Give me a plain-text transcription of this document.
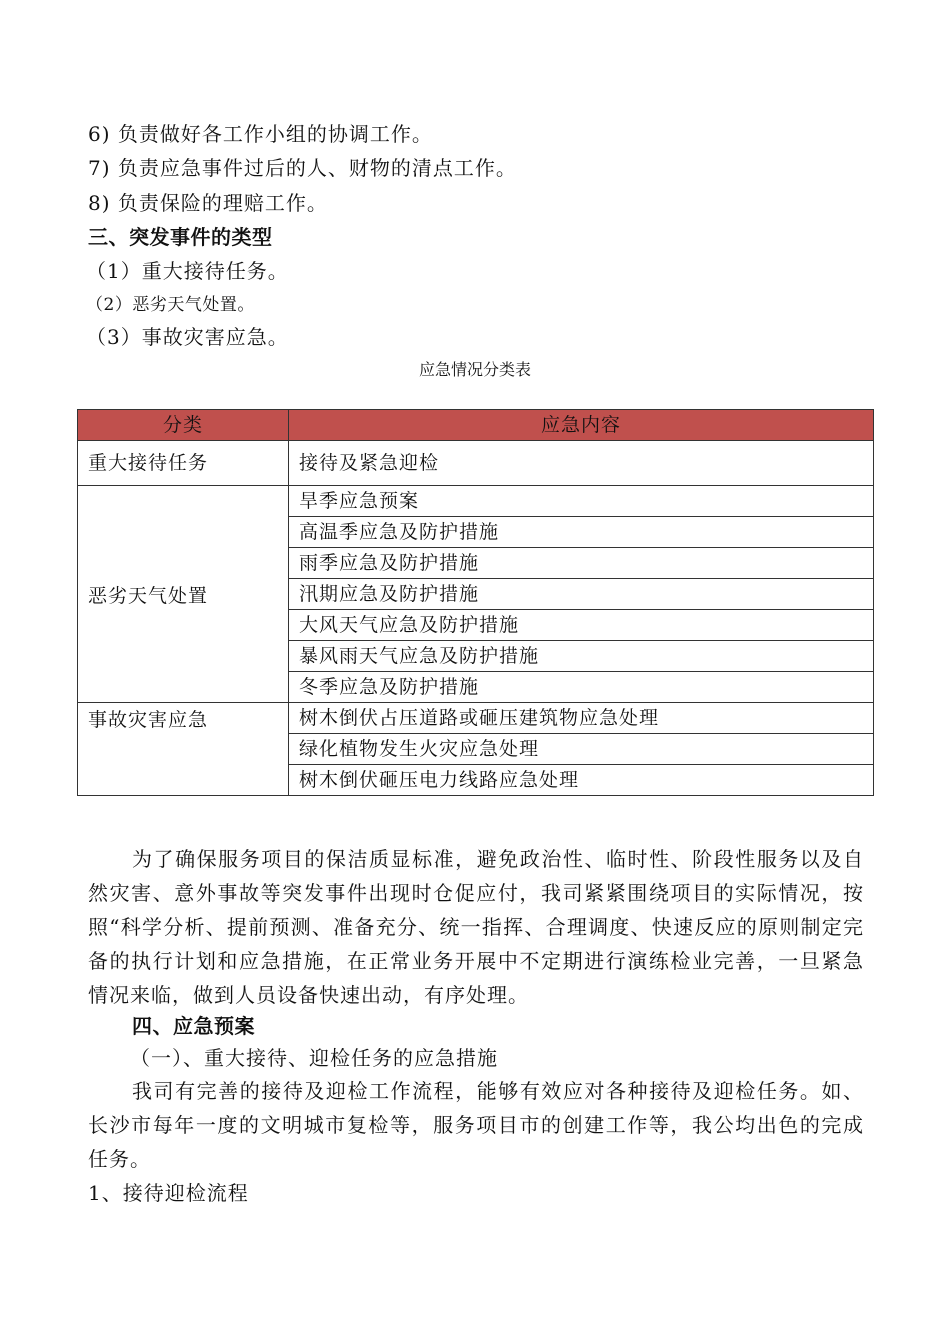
6) 负责做好各工作小组的协调工作。
7) 负责应急事件过后的人、财物的清点工作。
8) 负责保险的理赔工作。
三、突发事件的类型
（1）重大接待任务。
（2）恶劣天气处置。
（3）事故灾害应急。
应急情况分类表
分类	应急内容
重大接待任务	接待及紧急迎检
恶劣天气处置	旱季应急预案
	高温季应急及防护措施
	雨季应急及防护措施
	汛期应急及防护措施
	大风天气应急及防护措施
	暴风雨天气应急及防护措施
	冬季应急及防护措施
事故灾害应急	树木倒伏占压道路或砸压建筑物应急处理
	绿化植物发生火灾应急处理
	树木倒伏砸压电力线路应急处理
为了确保服务项目的保洁质显标准，避免政治性、临时性、阶段性服务以及自然灾害、意外事故等突发事件出现时仓促应付，我司紧紧围绕项目的实际情况，按照“科学分析、提前预测、准备充分、统一指挥、合理调度、快速反应的原则制定完备的执行计划和应急措施，在正常业务开展中不定期进行演练检业完善，一旦紧急情况来临，做到人员设备快速出动，有序处理。
四、应急预案
（一）、重大接待、迎检任务的应急措施
我司有完善的接待及迎检工作流程，能够有效应对各种接待及迎检任务。如、长沙市每年一度的文明城市复检等，服务项目市的创建工作等，我公均出色的完成任务。
1、接待迎检流程
